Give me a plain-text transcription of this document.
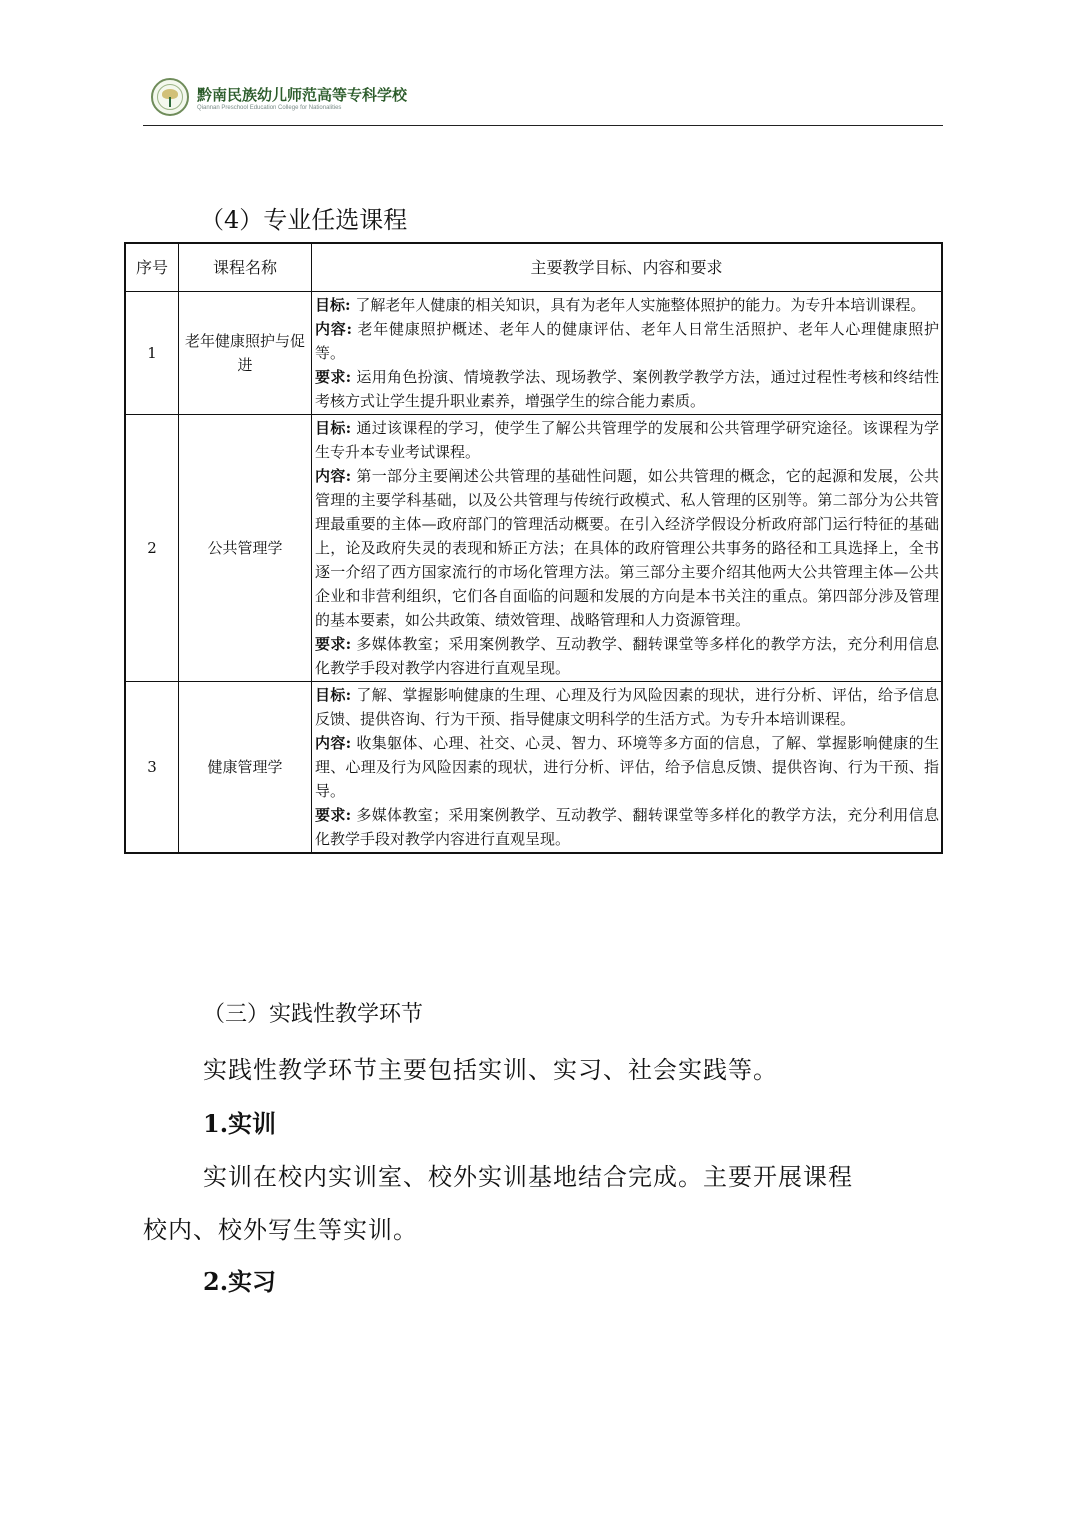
黔南民族幼儿师范高等专科学校
Qiannan Preschool Education College for Nationalities
（4）专业任选课程
序号	课程名称	主要教学目标、内容和要求
1	老年健康照护与促进	目标: 了解老年人健康的相关知识，具有为老年人实施整体照护的能力。为专升本培训课程。
内容: 老年健康照护概述、老年人的健康评估、老年人日常生活照护、老年人心理健康照护等。
要求: 运用角色扮演、情境教学法、现场教学、案例教学教学方法，通过过程性考核和终结性考核方式让学生提升职业素养，增强学生的综合能力素质。

2	公共管理学	目标: 通过该课程的学习，使学生了解公共管理学的发展和公共管理学研究途径。该课程为学生专升本专业考试课程。
内容: 第一部分主要阐述公共管理的基础性问题，如公共管理的概念，它的起源和发展，公共管理的主要学科基础，以及公共管理与传统行政模式、私人管理的区别等。第二部分为公共管理最重要的主体—政府部门的管理活动概要。在引入经济学假设分析政府部门运行特征的基础上，论及政府失灵的表现和矫正方法；在具体的政府管理公共事务的路径和工具选择上，全书逐一介绍了西方国家流行的市场化管理方法。第三部分主要介绍其他两大公共管理主体—公共企业和非营利组织，它们各自面临的问题和发展的方向是本书关注的重点。第四部分涉及管理的基本要素，如公共政策、绩效管理、战略管理和人力资源管理。
要求: 多媒体教室；采用案例教学、互动教学、翻转课堂等多样化的教学方法，充分利用信息化教学手段对教学内容进行直观呈现。

3	健康管理学	目标: 了解、掌握影响健康的生理、心理及行为风险因素的现状，进行分析、评估，给予信息反馈、提供咨询、行为干预、指导健康文明科学的生活方式。为专升本培训课程。
内容: 收集躯体、心理、社交、心灵、智力、环境等多方面的信息，了解、掌握影响健康的生理、心理及行为风险因素的现状，进行分析、评估，给予信息反馈、提供咨询、行为干预、指导。
要求: 多媒体教室；采用案例教学、互动教学、翻转课堂等多样化的教学方法，充分利用信息化教学手段对教学内容进行直观呈现。
（三）实践性教学环节
实践性教学环节主要包括实训、实习、社会实践等。
1.实训
实训在校内实训室、校外实训基地结合完成。主要开展课程
校内、校外写生等实训。
2.实习
